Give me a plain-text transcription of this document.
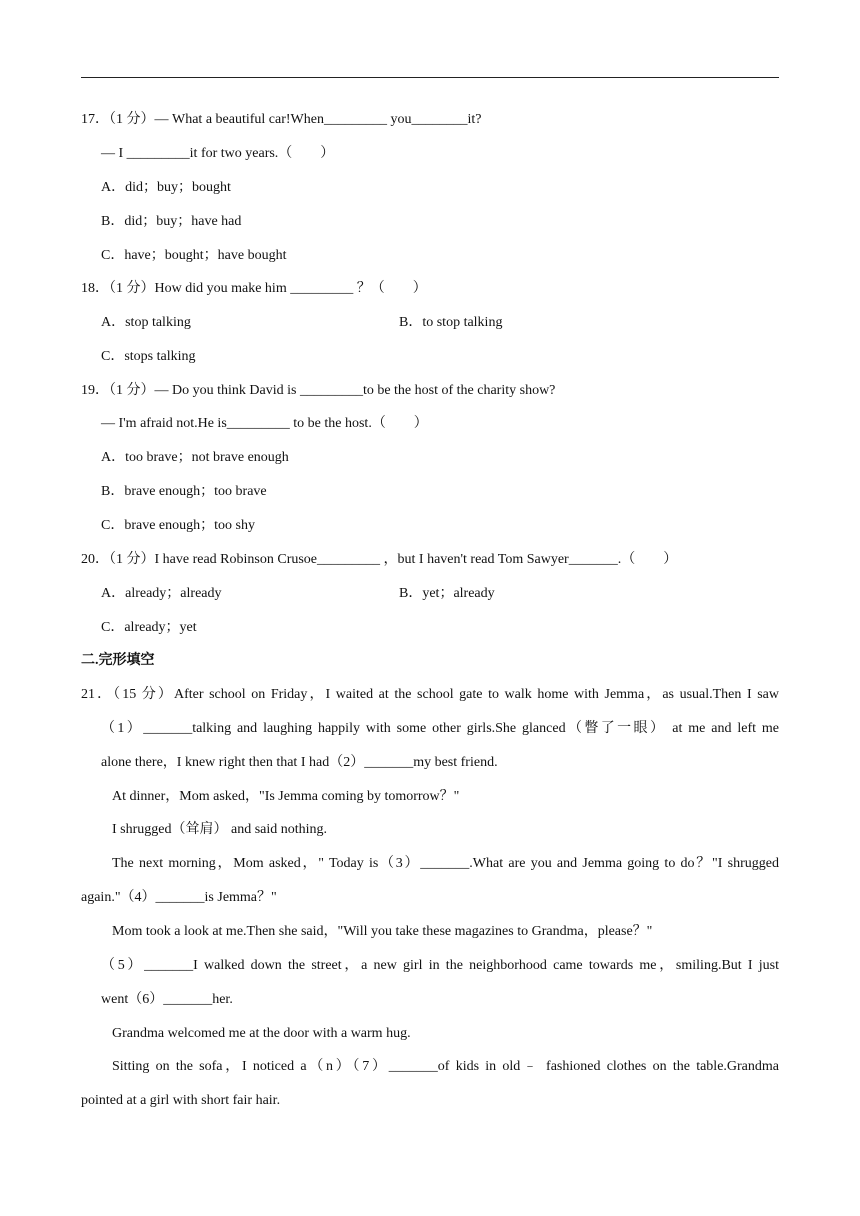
17．（1 分）— What a beautiful car!When_________ you________it?
— I _________it for two years.（　　）
A．did；buy；bought
B．did；buy；have had
C．have；bought；have bought
18．（1 分）How did you make him _________ ？（　　）
A．stop talking	B．to stop talking
C．stops talking
19．（1 分）— Do you think David is _________to be the host of the charity show?
— I'm afraid not.He is_________ to be the host.（　　）
A．too brave；not brave enough
B．brave enough；too brave
C．brave enough；too shy
20．（1 分）I have read Robinson Crusoe_________ ，but I haven't read Tom Sawyer_______.（　　）
A．already；already	B．yet；already
C．already；yet
二.完形填空
21．（15 分）After school on Friday，I waited at the school gate to walk home with Jemma，as usual.Then I saw
（1）_______talking and laughing happily with some other girls.She glanced（瞥了一眼） at me and left me
alone there，I knew right then that I had（2）_______my best friend.
At dinner，Mom asked，"Is Jemma coming by tomorrow？"
I shrugged（耸肩） and said nothing.
The next morning，Mom asked，" Today is（3）_______.What are you and Jemma going to do？"I shrugged
again."（4）_______is Jemma？"
Mom took a look at me.Then she said，"Will you take these magazines to Grandma，please？"
（5）_______I walked down the street，a new girl in the neighborhood came towards me，smiling.But I just
went（6）_______her.
Grandma welcomed me at the door with a warm hug.
Sitting on the sofa，I noticed a（n）（7）_______of kids in old﹣ fashioned clothes on the table.Grandma
pointed at a girl with short fair hair.
